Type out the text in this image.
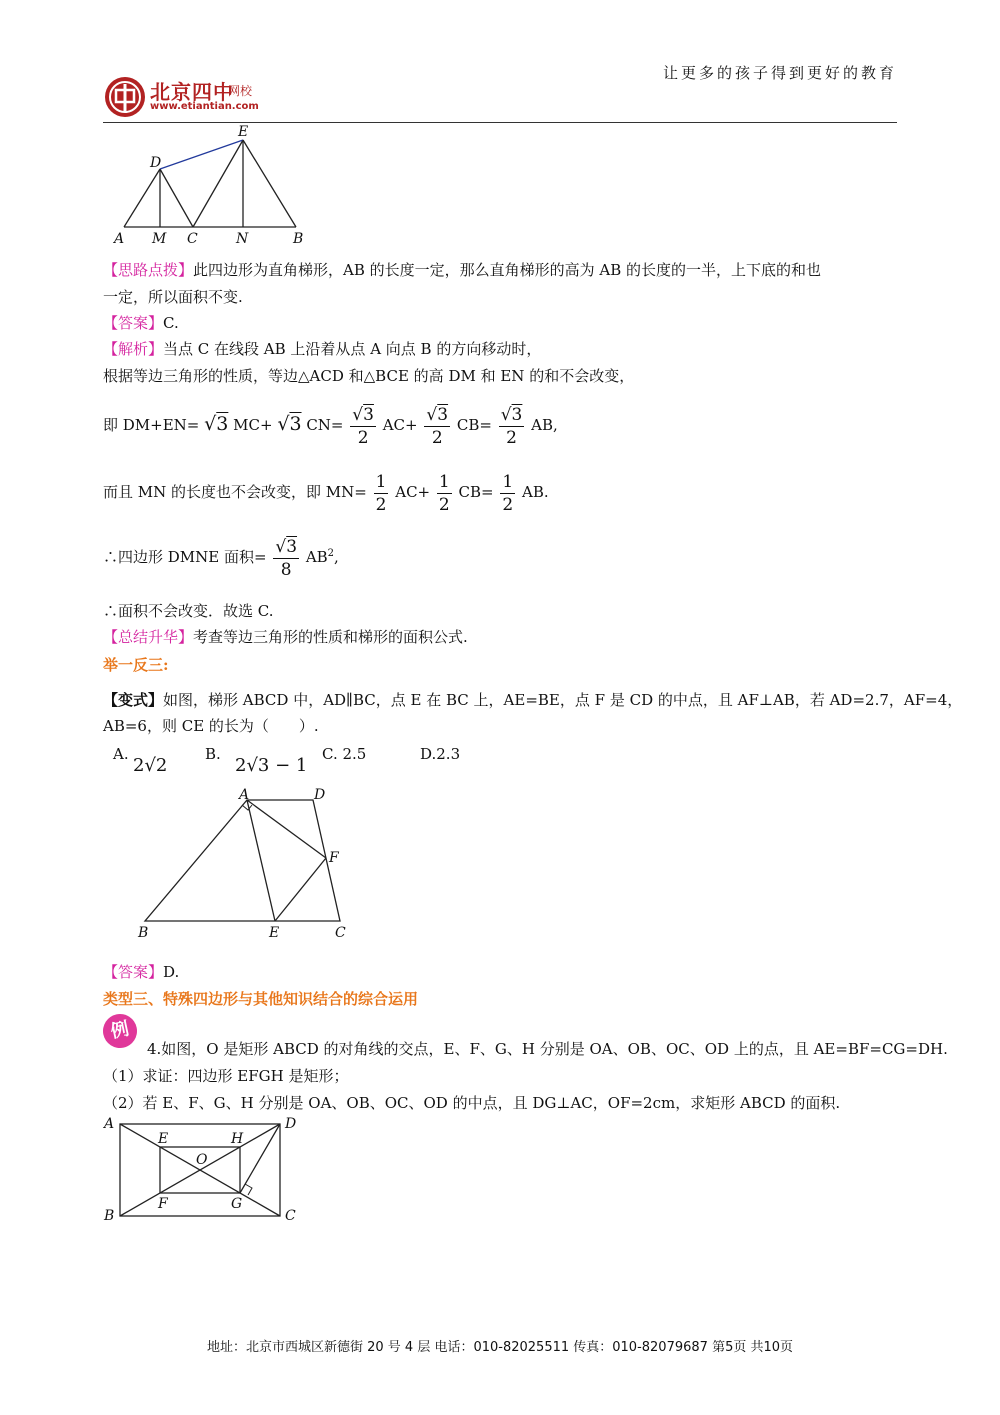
让更多的孩子得到更好的教育
北京四中
网校
www.etiantian.com
E
D
A M C	N	B
【思路点拨】此四边形为直角梯形，AB 的长度一定，那么直角梯形的高为 AB 的长度的一半，上下底的和也
一定，所以面积不变.
【答案】C.
【解析】当点 C 在线段 AB 上沿着从点 A 向点 B 的方向移动时，
根据等边三角形的性质，等边△ACD 和△BCE 的高 DM 和 EN 的和不会改变，
即 DM+EN= √3 MC+ √3 $CN= \frac{√3}{2} AC+ \frac{√3}{2} CB= \frac{√3}{2}$ AB,
而且 MN 的长度也不会改变，即 $MN= \frac{1}{2} AC+ \frac{1}{2} CB= \frac{1}{2}$ AB.
∴四边形 DMNE 面积= $\frac{√3}{8} AB^2$,
∴面积不会改变．故选 C.
【总结升华】考查等边三角形的性质和梯形的面积公式.
举一反三:
【变式】如图，梯形 ABCD 中，AD∥BC，点 E 在 BC 上，AE=BE，点 F 是 CD 的中点，且 AF⊥AB，若 AD=2.7，AF=4，
AB=6，则 CE 的长为（　　）.
A.
2√2
B.
2√3 − 1
C. 2.5	D.2.3
A	D
F
B	E	C
【答案】D.
类型三、特殊四边形与其他知识结合的综合运用
例
4.如图，O 是矩形 ABCD 的对角线的交点，E、F、G、H 分别是 OA、OB、OC、OD 上的点，且 AE=BF=CG=DH.
（1）求证：四边形 EFGH 是矩形；
（2）若 E、F、G、H 分别是 OA、OB、OC、OD 的中点，且 DG⊥AC，OF=2cm，求矩形 ABCD 的面积.
A
E	H
D
O
B
F	G
C
地址：北京市西城区新德街 20 号 4 层 电话：010-82025511 传真：010-82079687 第5页 共10页
